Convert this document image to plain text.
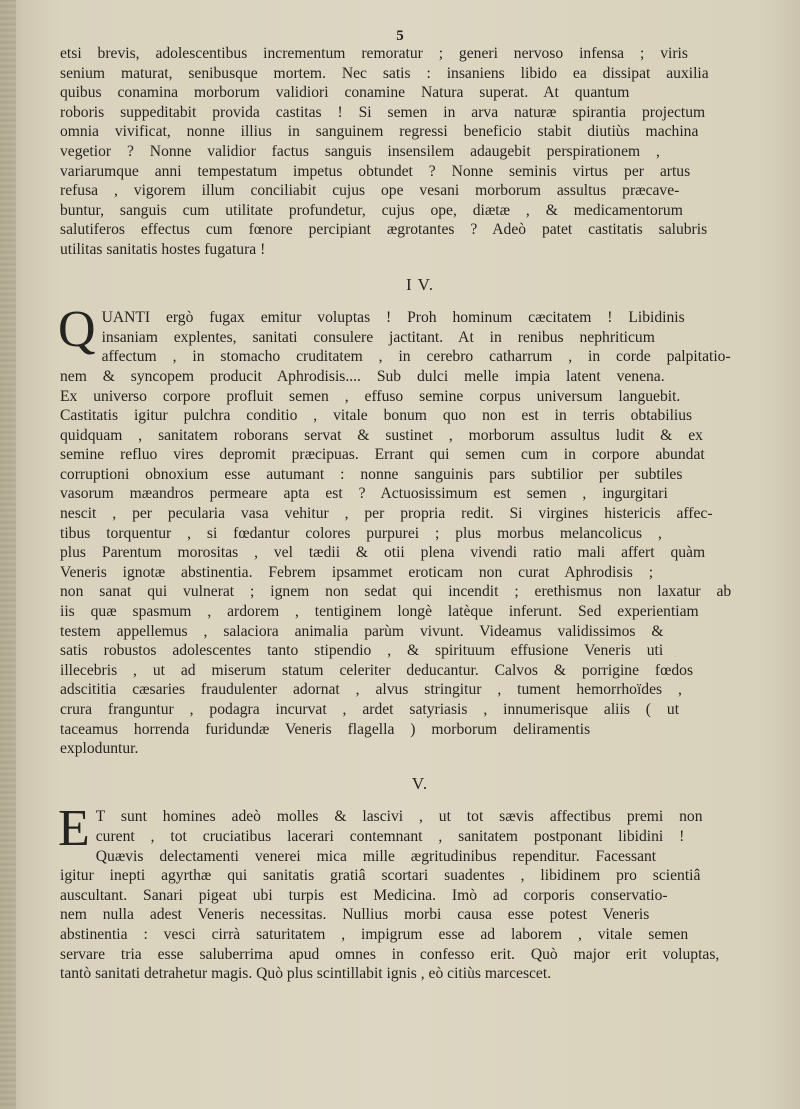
5
etsi brevis, adolescentibus incrementum remoratur ; generi nervoso infensa ; viris
senium maturat, senibusque mortem. Nec satis : insaniens libido ea dissipat auxilia
quibus conamina morborum validiori conamine Natura superat. At quantum
roboris suppeditabit provida castitas ! Si semen in arva naturæ spirantia projectum
omnia vivificat, nonne illius in sanguinem regressi beneficio stabit diutiùs machina
vegetior ? Nonne validior factus sanguis insensilem adaugebit perspirationem ,
variarumque anni tempestatum impetus obtundet ? Nonne seminis virtus per artus
refusa , vigorem illum conciliabit cujus ope vesani morborum assultus præcave-
buntur, sanguis cum utilitate profundetur, cujus ope, diætæ , & medicamentorum
salutiferos effectus cum fœnore percipiant ægrotantes ? Adeò patet castitatis salubris
utilitas sanitatis hostes fugatura !
I V.
Q UANTI ergò fugax emitur voluptas ! Proh hominum cæcitatem ! Libidinis
insaniam explentes, sanitati consulere jactitant. At in renibus nephriticum
affectum , in stomacho cruditatem , in cerebro catharrum , in corde palpitatio-
nem & syncopem producit Aphrodisis.... Sub dulci melle impia latent venena.
Ex universo corpore profluit semen , effuso semine corpus universum languebit.
Castitatis igitur pulchra conditio , vitale bonum quo non est in terris obtabilius
quidquam , sanitatem roborans servat & sustinet , morborum assultus ludit & ex
semine refluo vires depromit præcipuas. Errant qui semen cum in corpore abundat
corruptioni obnoxium esse autumant : nonne sanguinis pars subtilior per subtiles
vasorum mæandros permeare apta est ? Actuosissimum est semen , ingurgitari
nescit , per pecularia vasa vehitur , per propria redit. Si virgines histericis affec-
tibus torquentur , si fœdantur colores purpurei ; plus morbus melancolicus ,
plus Parentum morositas , vel tædii & otii plena vivendi ratio mali affert quàm
Veneris ignotæ abstinentia. Febrem ipsammet eroticam non curat Aphrodisis ;
non sanat qui vulnerat ; ignem non sedat qui incendit ; erethismus non laxatur ab
iis quæ spasmum , ardorem , tentiginem longè latèque inferunt. Sed experientiam
testem appellemus , salaciora animalia parùm vivunt. Videamus validissimos &
satis robustos adolescentes tanto stipendio , & spirituum effusione Veneris uti
illecebris , ut ad miserum statum celeriter deducantur. Calvos & porrigine fœdos
adscititia cæsaries fraudulenter adornat , alvus stringitur , tument hemorrhoïdes ,
crura franguntur , podagra incurvat , ardet satyriasis , innumerisque aliis ( ut
taceamus horrenda furidundæ Veneris flagella ) morborum deliramentis
exploduntur.
V.
E T sunt homines adeò molles & lascivi , ut tot sævis affectibus premi non
curent , tot cruciatibus lacerari contemnant , sanitatem postponant libidini !
Quævis delectamenti venerei mica mille ægritudinibus rependitur. Facessant
igitur inepti agyrthæ qui sanitatis gratiâ scortari suadentes , libidinem pro scientiâ
auscultant. Sanari pigeat ubi turpis est Medicina. Imò ad corporis conservatio-
nem nulla adest Veneris necessitas. Nullius morbi causa esse potest Veneris
abstinentia : vesci cirrà saturitatem , impigrum esse ad laborem , vitale semen
servare tria esse saluberrima apud omnes in confesso erit. Quò major erit voluptas,
tantò sanitati detrahetur magis. Quò plus scintillabit ignis , eò citiùs marcescet.
